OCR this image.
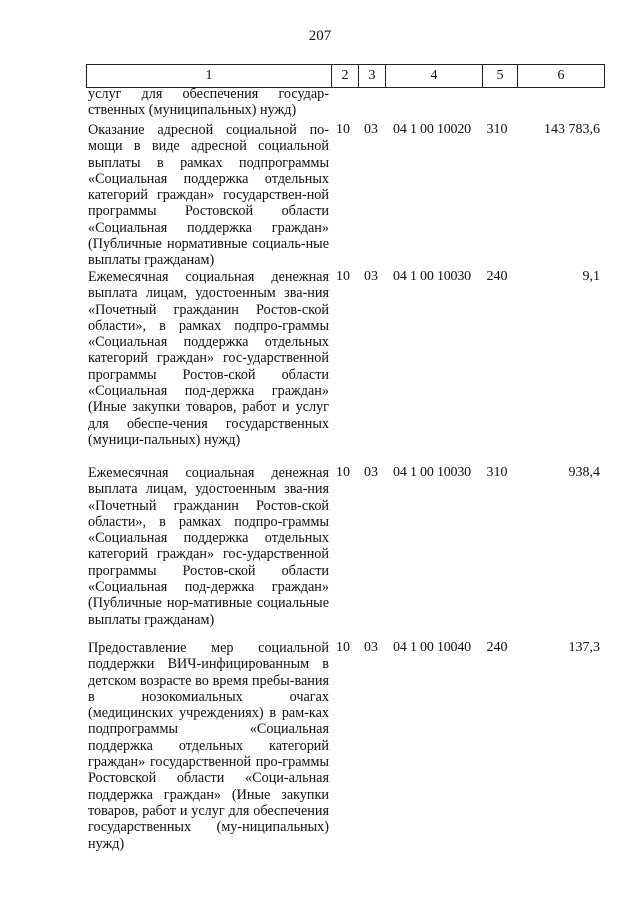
207
1	2	3	4	5	6
услуг для обеспечения государ-ственных (муниципальных) нужд)
Оказание адресной социальной по-мощи в виде адресной социальной выплаты в рамках подпрограммы «Социальная поддержка отдельных категорий граждан» государствен-ной программы Ростовской области «Социальная поддержка граждан» (Публичные нормативные социаль-ные выплаты гражданам)
10	03	04 1 00 10020	310	143 783,6
Ежемесячная социальная денежная выплата лицам, удостоенным зва-ния «Почетный гражданин Ростов-ской области», в рамках подпро-граммы «Социальная поддержка отдельных категорий граждан» гос-ударственной программы Ростов-ской области «Социальная под-держка граждан» (Иные закупки товаров, работ и услуг для обеспе-чения государственных (муници-пальных) нужд)
10	03	04 1 00 10030	240	9,1
Ежемесячная социальная денежная выплата лицам, удостоенным зва-ния «Почетный гражданин Ростов-ской области», в рамках подпро-граммы «Социальная поддержка отдельных категорий граждан» гос-ударственной программы Ростов-ской области «Социальная под-держка граждан» (Публичные нор-мативные социальные выплаты гражданам)
10	03	04 1 00 10030	310	938,4
Предоставление мер социальной поддержки ВИЧ-инфицированным в детском возрасте во время пребы-вания в нозокомиальных очагах (медицинских учреждениях) в рам-ках подпрограммы «Социальная поддержка отдельных категорий граждан» государственной про-граммы Ростовской области «Соци-альная поддержка граждан» (Иные закупки товаров, работ и услуг для обеспечения государственных (му-ниципальных) нужд)
10	03	04 1 00 10040	240	137,3
